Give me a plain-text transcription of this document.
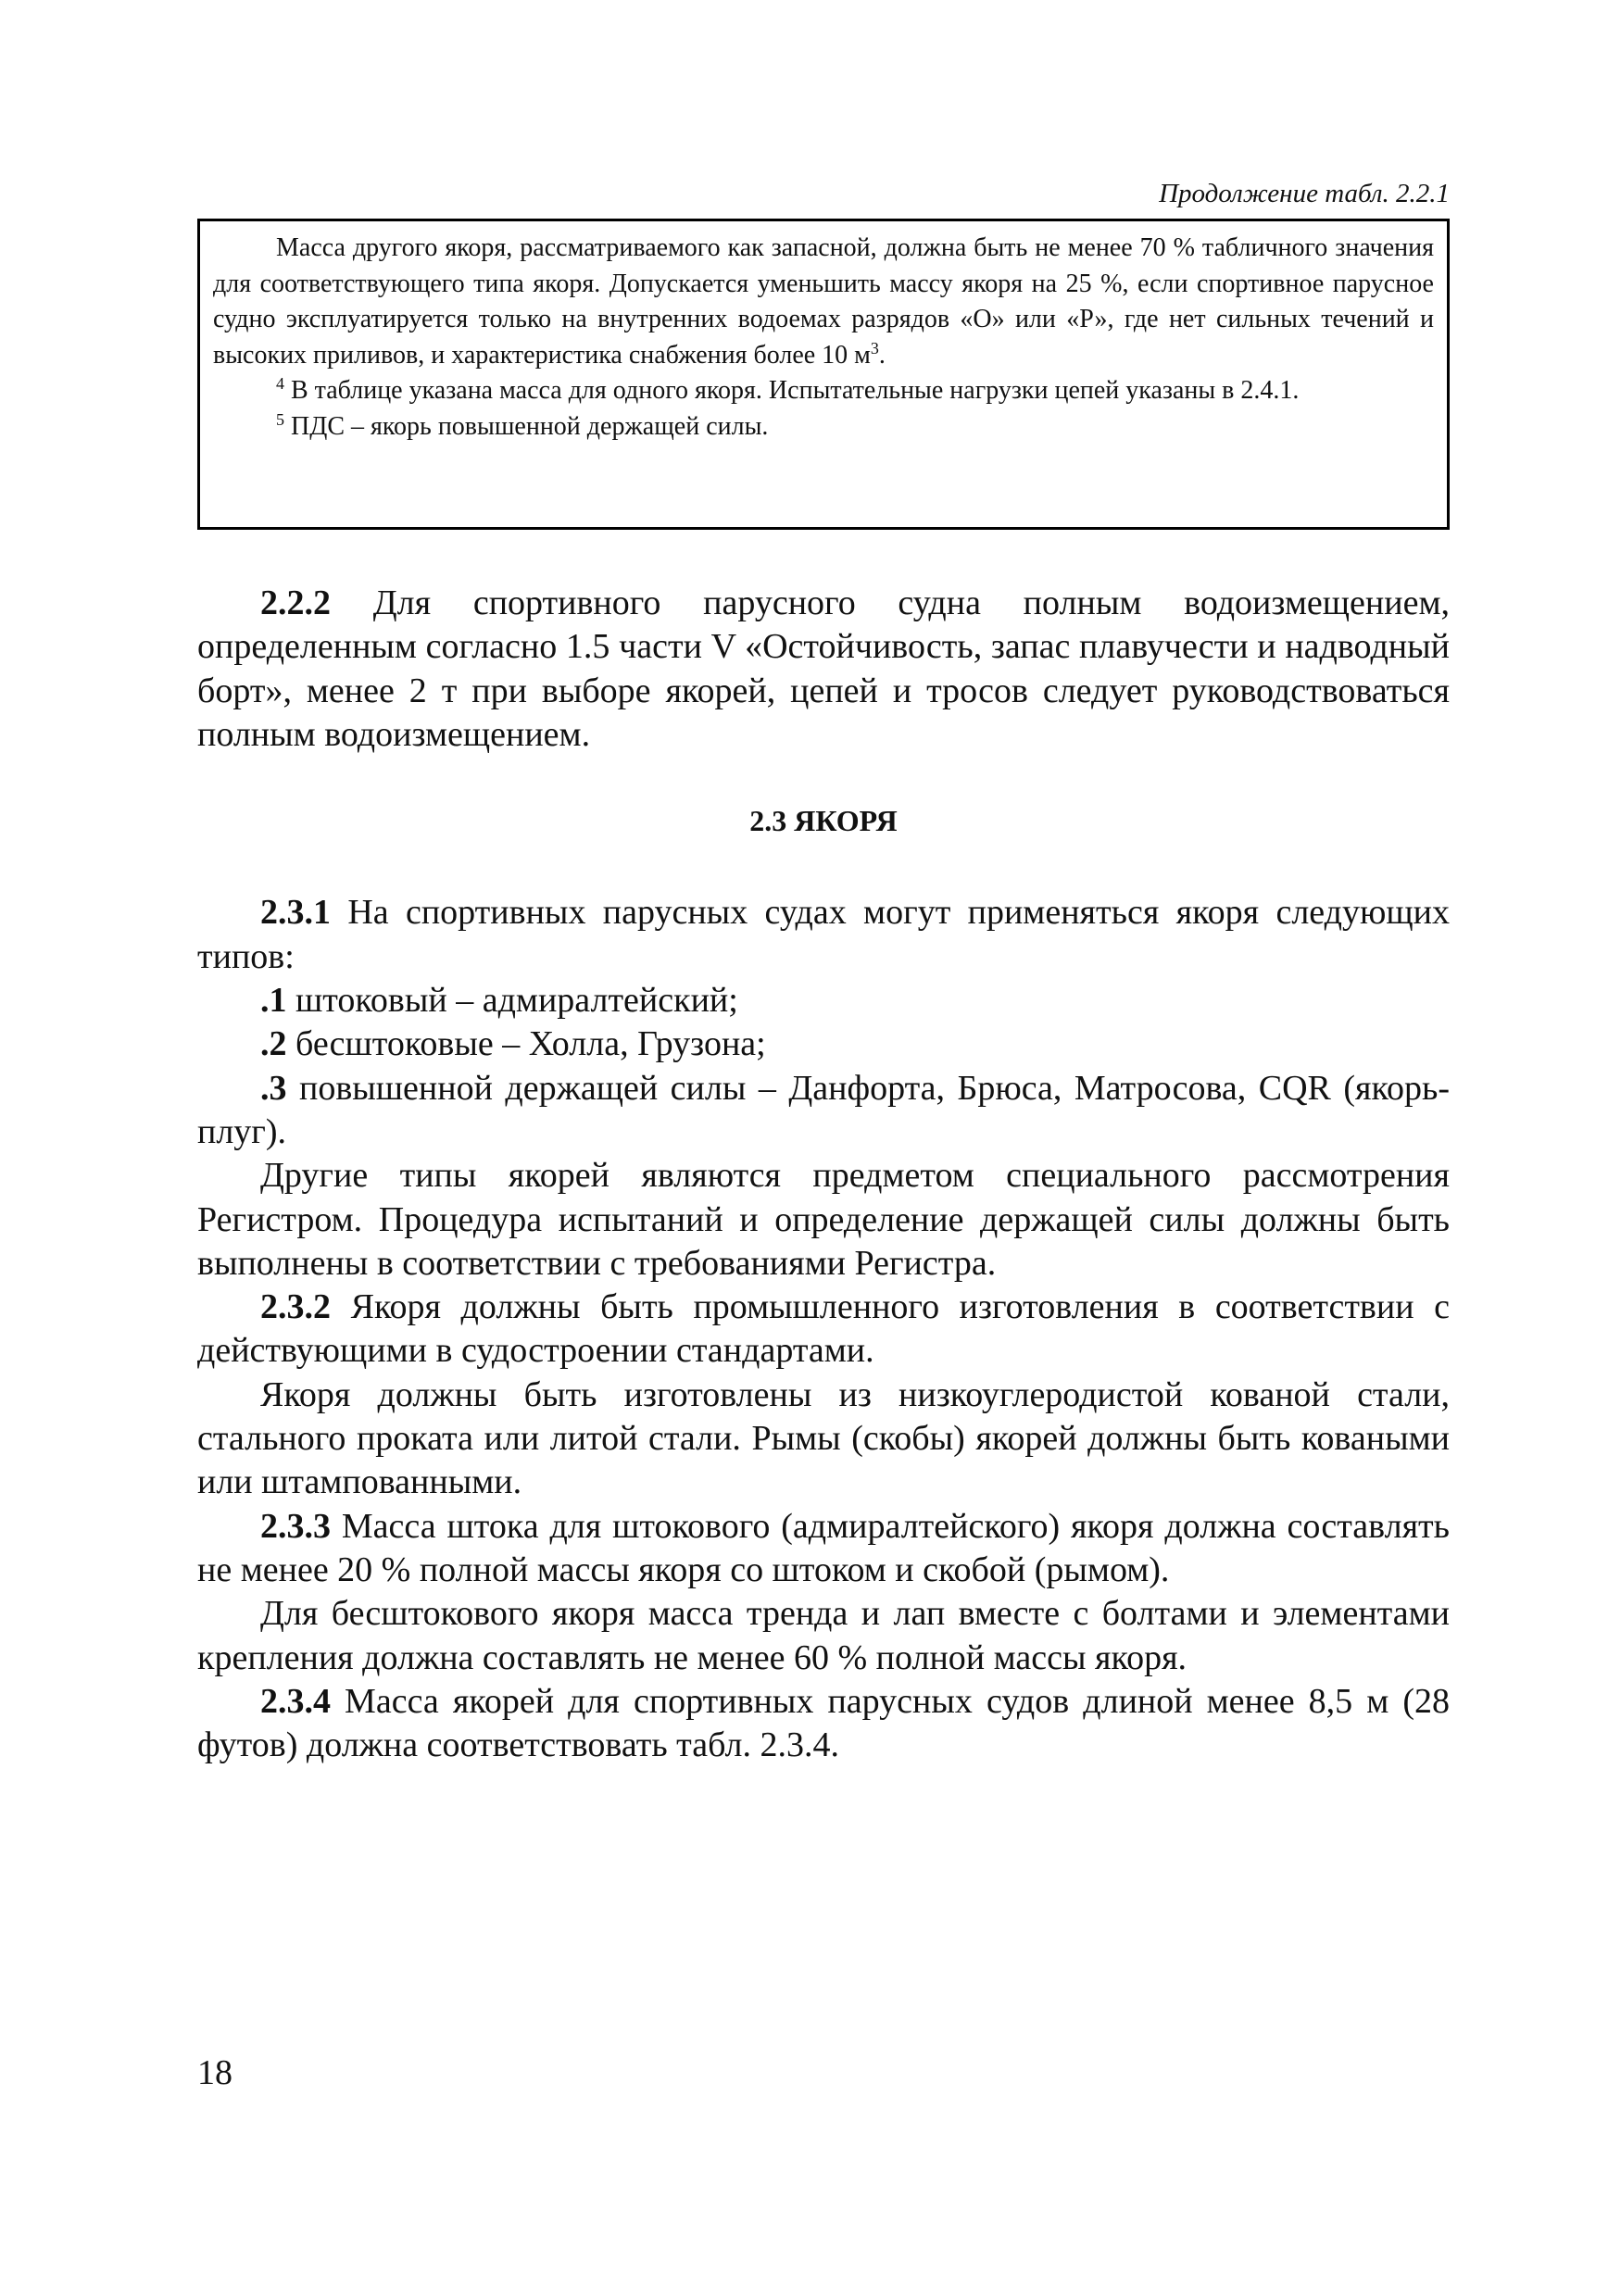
Продолжение табл. 2.2.1

Масса другого якоря, рассматриваемого как запасной, должна быть не менее 70 % табличного значения для соответствующего типа якоря. Допускается уменьшить массу якоря на 25 %, если спортивное парусное судно эксплуатируется только на внутренних водоемах разрядов «О» или «Р», где нет сильных течений и высоких приливов, и характеристика снабжения более 10 $м^3$.

$^4$ В таблице указана масса для одного якоря. Испытательные нагрузки цепей указаны в 2.4.1.

$^5$ ПДС – якорь повышенной держащей силы.

2.2.2 Для спортивного парусного судна полным водоизмещением, определенным согласно 1.5 части V «Остойчивость, запас плавучести и надводный борт», менее 2 т при выборе якорей, цепей и тросов следует руководствоваться полным водоизмещением.

2.3 ЯКОРЯ

2.3.1 На спортивных парусных судах могут применяться якоря следующих типов:

.1 штоковый – адмиралтейский;

.2 бесштоковые – Холла, Грузона;

.3 повышенной держащей силы – Данфорта, Брюса, Матросова, CQR (якорь-плуг).

Другие типы якорей являются предметом специального рассмотрения Регистром. Процедура испытаний и определение держащей силы должны быть выполнены в соответствии с требованиями Регистра.

2.3.2 Якоря должны быть промышленного изготовления в соответствии с действующими в судостроении стандартами.

Якоря должны быть изготовлены из низкоуглеродистой кованой стали, стального проката или литой стали. Рымы (скобы) якорей должны быть коваными или штампованными.

2.3.3 Масса штока для штокового (адмиралтейского) якоря должна составлять не менее 20 % полной массы якоря со штоком и скобой (рымом).

Для бесштокового якоря масса тренда и лап вместе с болтами и элементами крепления должна составлять не менее 60 % полной массы якоря.

2.3.4 Масса якорей для спортивных парусных судов длиной менее 8,5 м (28 футов) должна соответствовать табл. 2.3.4.

18
